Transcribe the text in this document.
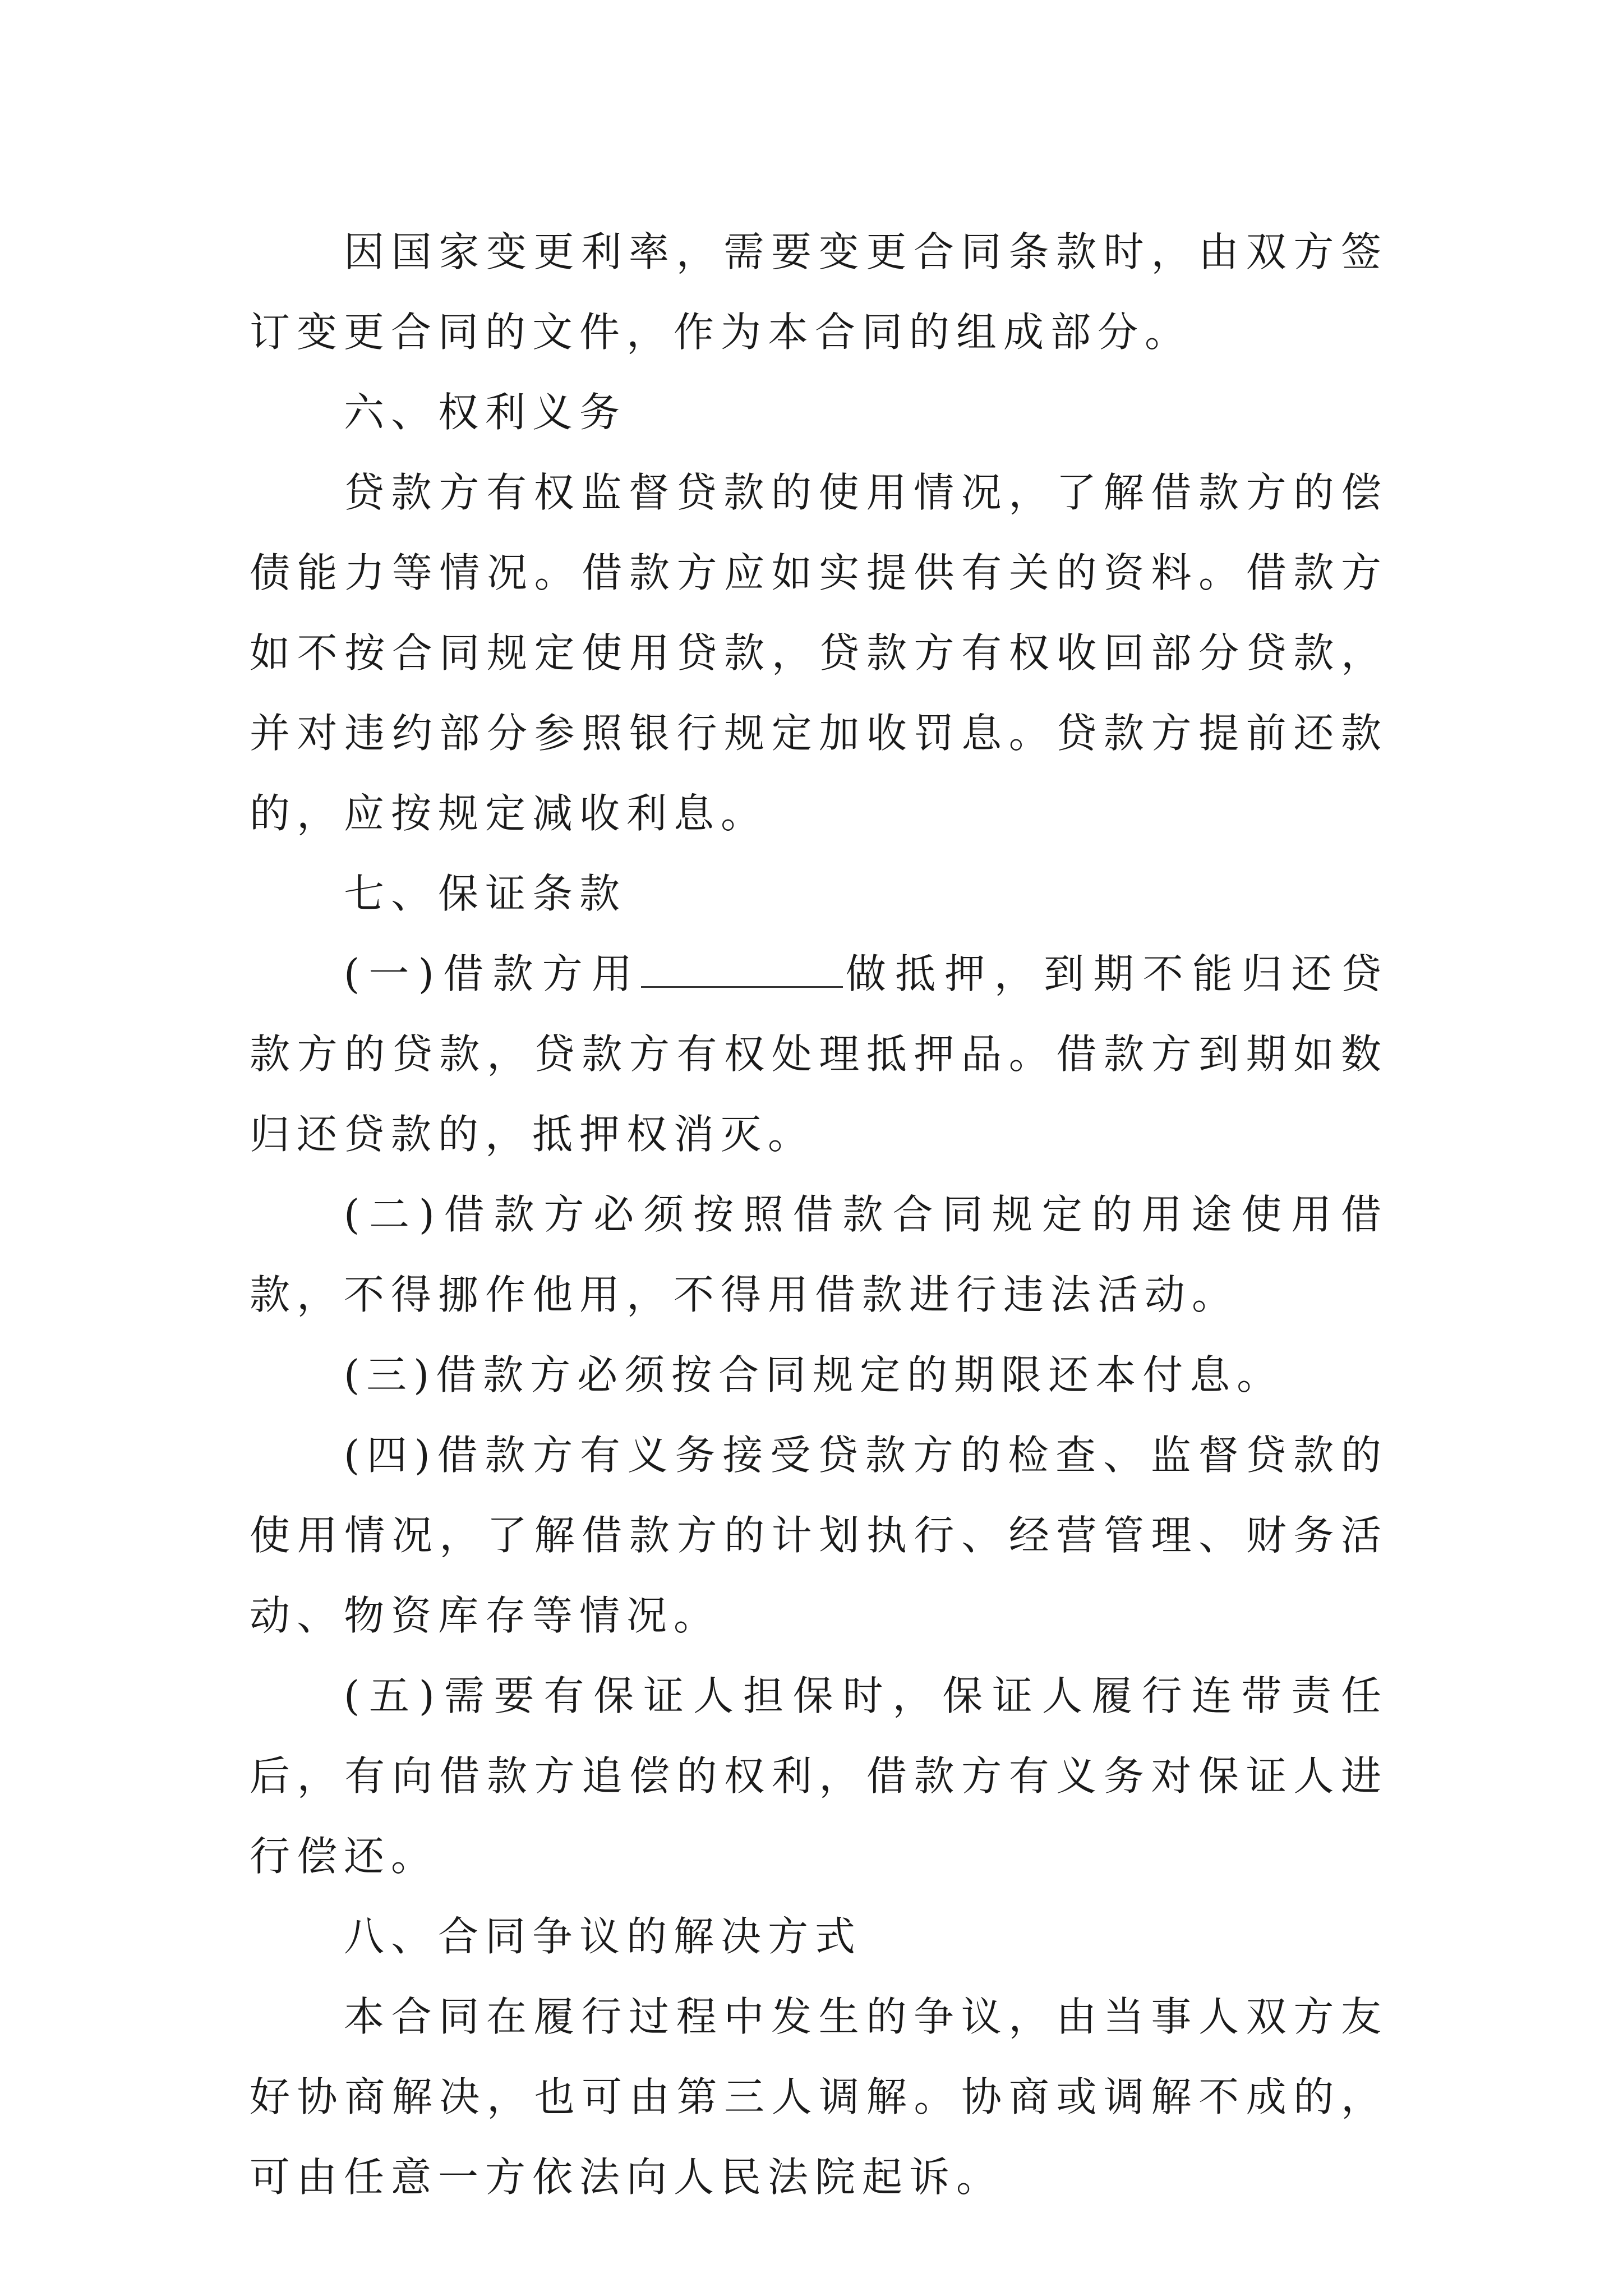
因国家变更利率，需要变更合同条款时，由双方签订变更合同的文件，作为本合同的组成部分。

六、权利义务

贷款方有权监督贷款的使用情况，了解借款方的偿债能力等情况。借款方应如实提供有关的资料。借款方如不按合同规定使用贷款，贷款方有权收回部分贷款，并对违约部分参照银行规定加收罚息。贷款方提前还款的，应按规定减收利息。

七、保证条款

(一)借款方用	做抵押，到期不能归还贷款方的贷款，贷款方有权处理抵押品。借款方到期如数归还贷款的，抵押权消灭。

(二)借款方必须按照借款合同规定的用途使用借款，不得挪作他用，不得用借款进行违法活动。

(三)借款方必须按合同规定的期限还本付息。

(四)借款方有义务接受贷款方的检查、监督贷款的使用情况，了解借款方的计划执行、经营管理、财务活动、物资库存等情况。

(五)需要有保证人担保时，保证人履行连带责任后，有向借款方追偿的权利，借款方有义务对保证人进行偿还。

八、合同争议的解决方式

本合同在履行过程中发生的争议，由当事人双方友好协商解决，也可由第三人调解。协商或调解不成的，可由任意一方依法向人民法院起诉。
